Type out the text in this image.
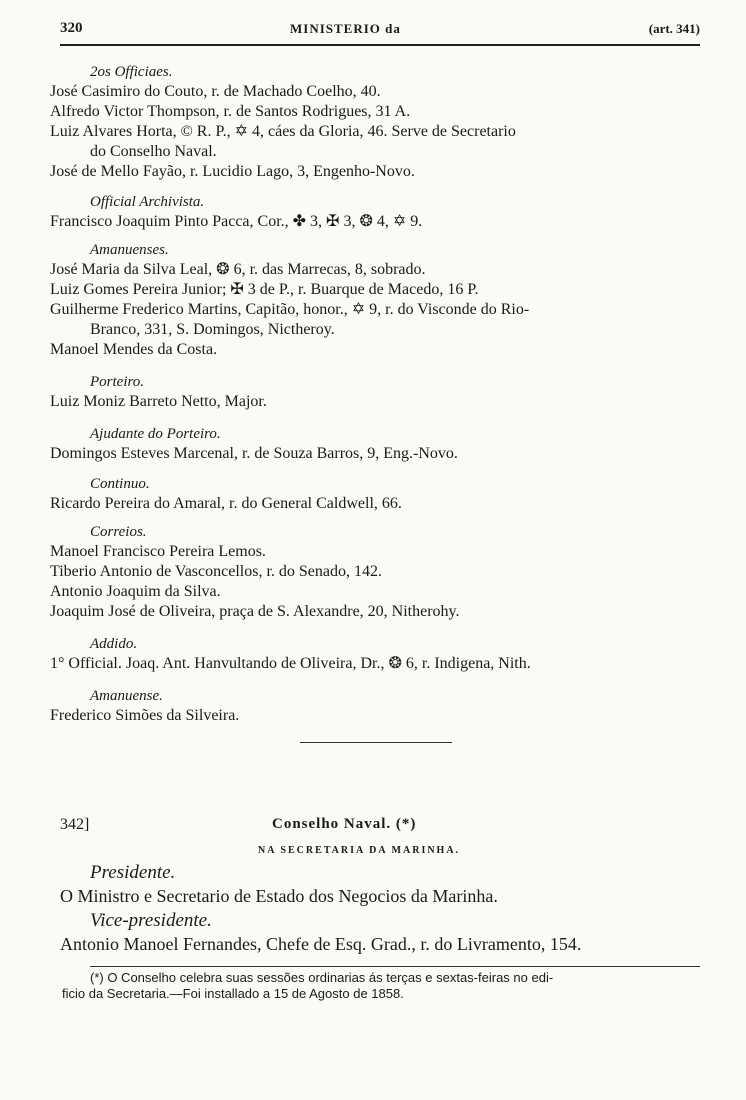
320	MINISTERIO da	(art. 341)
2os Officiaes.
José Casimiro do Couto, r. de Machado Coelho, 40.
Alfredo Victor Thompson, r. de Santos Rodrigues, 31 A.
Luiz Alvares Horta, © R. P., ✡ 4, cáes da Gloria, 46. Serve de Secretario
do Conselho Naval.
José de Mello Fayão, r. Lucidio Lago, 3, Engenho-Novo.
Official Archivista.
Francisco Joaquim Pinto Pacca, Cor., ✤ 3, ✠ 3, ❂ 4, ✡ 9.
Amanuenses.
José Maria da Silva Leal, ❂ 6, r. das Marrecas, 8, sobrado.
Luiz Gomes Pereira Junior; ✠ 3 de P., r. Buarque de Macedo, 16 P.
Guilherme Frederico Martins, Capitão, honor., ✡ 9, r. do Visconde do Rio-
Branco, 331, S. Domingos, Nictheroy.
Manoel Mendes da Costa.
Porteiro.
Luiz Moniz Barreto Netto, Major.
Ajudante do Porteiro.
Domingos Esteves Marcenal, r. de Souza Barros, 9, Eng.-Novo.
Continuo.
Ricardo Pereira do Amaral, r. do General Caldwell, 66.
Correios.
Manoel Francisco Pereira Lemos.
Tiberio Antonio de Vasconcellos, r. do Senado, 142.
Antonio Joaquim da Silva.
Joaquim José de Oliveira, praça de S. Alexandre, 20, Nitherohy.
Addido.
1° Official. Joaq. Ant. Hanvultando de Oliveira, Dr., ❂ 6, r. Indigena, Nith.
Amanuense.
Frederico Simões da Silveira.
342]	Conselho Naval. (*)
NA SECRETARIA DA MARINHA.
Presidente.
O Ministro e Secretario de Estado dos Negocios da Marinha.
Vice-presidente.
Antonio Manoel Fernandes, Chefe de Esq. Grad., r. do Livramento, 154.
(*) O Conselho celebra suas sessões ordinarias ás terças e sextas-feiras no edi-
ficio da Secretaria.—Foi installado a 15 de Agosto de 1858.
